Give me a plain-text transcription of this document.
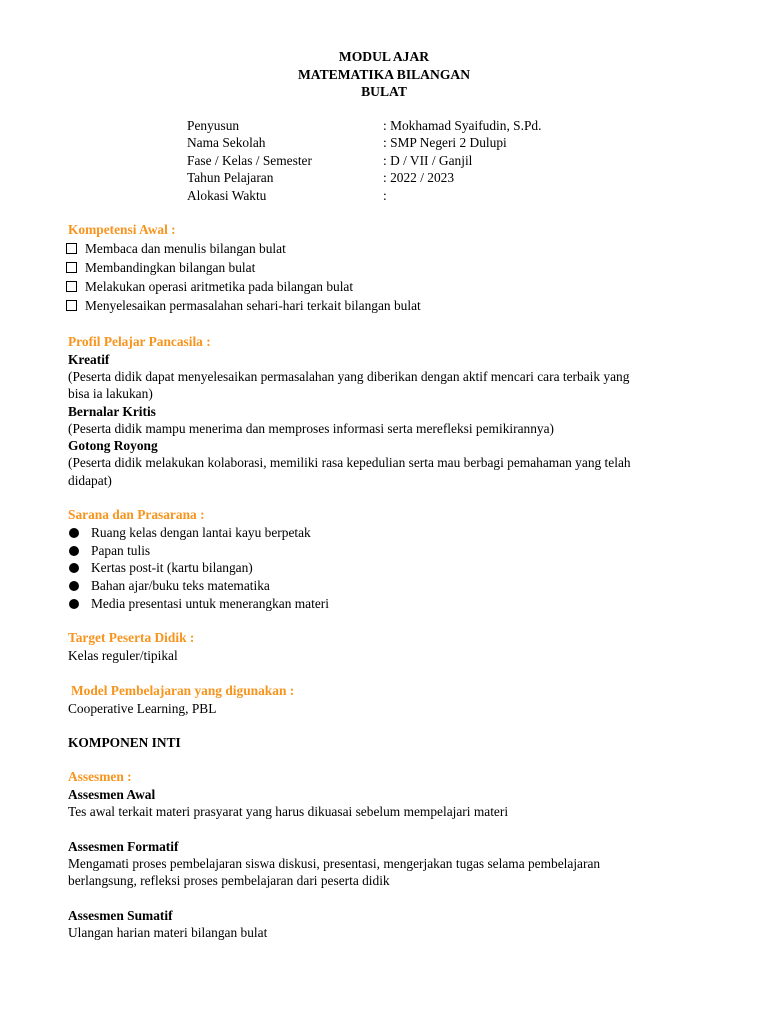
MODUL AJAR
MATEMATIKA BILANGAN
BULAT
Penyusun	: Mokhamad Syaifudin, S.Pd.
Nama Sekolah	: SMP Negeri 2 Dulupi
Fase / Kelas / Semester	: D / VII / Ganjil
Tahun Pelajaran	: 2022 / 2023
Alokasi Waktu	:
Kompetensi Awal :
Membaca dan menulis bilangan bulat
Membandingkan bilangan bulat
Melakukan operasi aritmetika pada bilangan bulat
Menyelesaikan permasalahan sehari-hari terkait bilangan bulat
Profil Pelajar Pancasila :
Kreatif
(Peserta didik dapat menyelesaikan permasalahan yang diberikan dengan aktif mencari cara terbaik yang
bisa ia lakukan)
Bernalar Kritis
(Peserta didik mampu menerima dan memproses informasi serta merefleksi pemikirannya)
Gotong Royong
(Peserta didik melakukan kolaborasi, memiliki rasa kepedulian serta mau berbagi pemahaman yang telah
didapat)
Sarana dan Prasarana :
Ruang kelas dengan lantai kayu berpetak
Papan tulis
Kertas post-it (kartu bilangan)
Bahan ajar/buku teks matematika
Media presentasi untuk menerangkan materi
Target Peserta Didik :
Kelas reguler/tipikal
Model Pembelajaran yang digunakan :
Cooperative Learning, PBL
KOMPONEN INTI
Assesmen :
Assesmen Awal
Tes awal terkait materi prasyarat yang harus dikuasai sebelum mempelajari materi
Assesmen Formatif
Mengamati proses pembelajaran siswa diskusi, presentasi, mengerjakan tugas selama pembelajaran
berlangsung, refleksi proses pembelajaran dari peserta didik
Assesmen Sumatif
Ulangan harian materi bilangan bulat
